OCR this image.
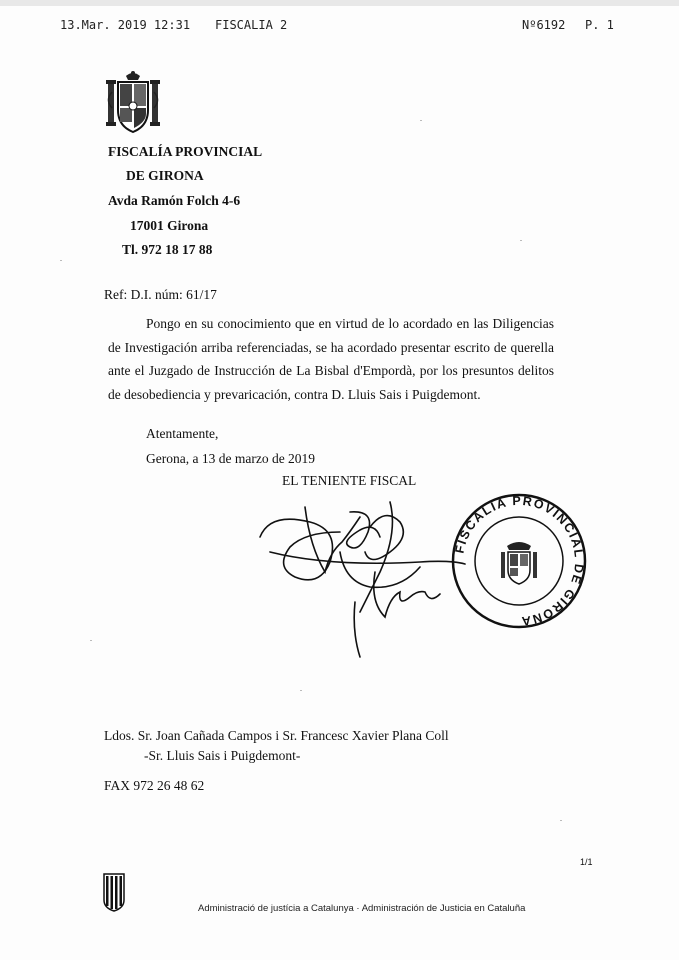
13.Mar. 2019 12:31 FISCALIA 2	Nº6192 P. 1
FISCALÍA PROVINCIAL
DE GIRONA
Avda Ramón Folch 4-6
17001 Girona
Tl. 972 18 17 88
Ref: D.I. núm: 61/17
Pongo en su conocimiento que en virtud de lo acordado en las Diligencias de Investigación arriba referenciadas, se ha acordado presentar escrito de querella ante el Juzgado de Instrucción de La Bisbal d'Empordà, por los presuntos delitos de desobediencia y prevaricación, contra D. Lluis Sais i Puigdemont.
Atentamente,
Gerona, a 13 de marzo de 2019
EL TENIENTE FISCAL
FISCALIA PROVINCIAL DE GIRONA
Ldos. Sr. Joan Cañada Campos i Sr. Francesc Xavier Plana Coll
-Sr. Lluis Sais i Puigdemont-
FAX 972 26 48 62
1/1
Administració de justícia a Catalunya · Administración de Justicia en Cataluña
